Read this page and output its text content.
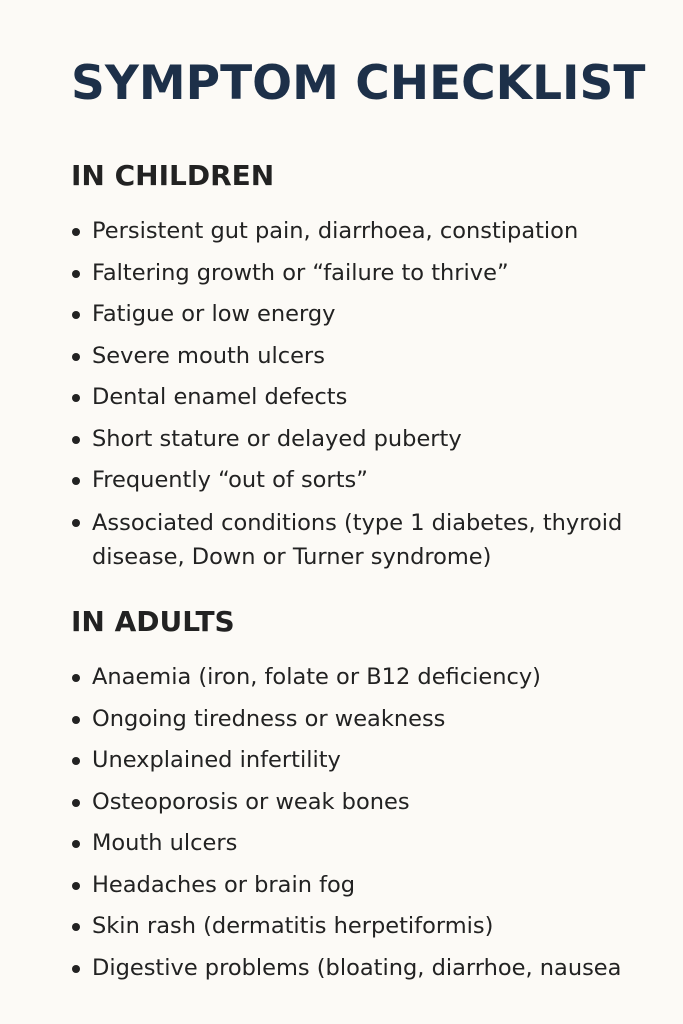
SYMPTOM CHECKLIST
IN CHILDREN
Persistent gut pain, diarrhoea, constipation
Faltering growth or “failure to thrive”
Fatigue or low energy
Severe mouth ulcers
Dental enamel defects
Short stature or delayed puberty
Frequently “out of sorts”
Associated conditions (type 1 diabetes, thyroid disease, Down or Turner syndrome)
IN ADULTS
Anaemia (iron, folate or B12 deficiency)
Ongoing tiredness or weakness
Unexplained infertility
Osteoporosis or weak bones
Mouth ulcers
Headaches or brain fog
Skin rash (dermatitis herpetiformis)
Digestive problems (bloating, diarrhoe, nausea
